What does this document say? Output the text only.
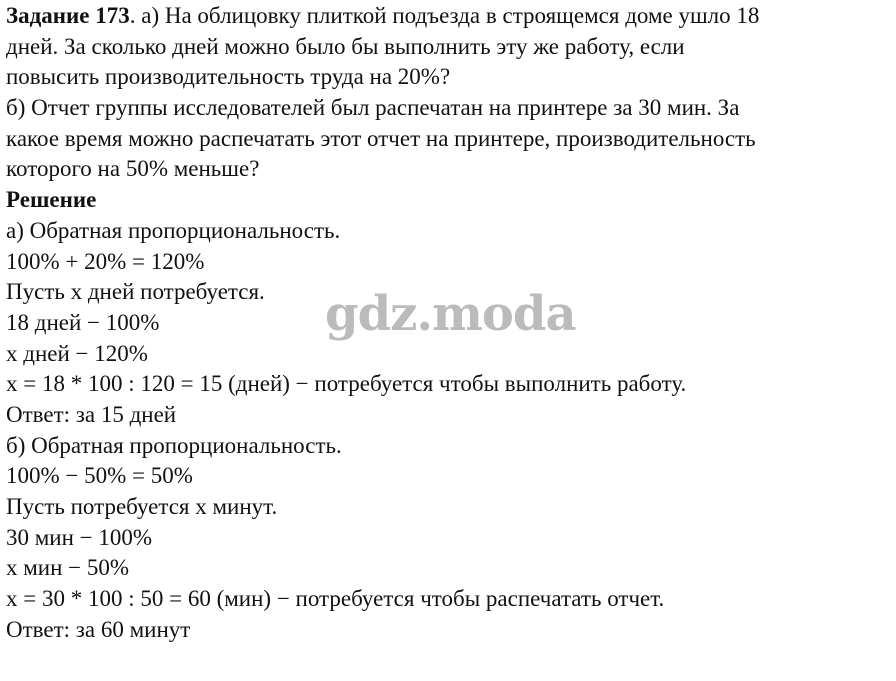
Задание 173. а) На облицовку плиткой подъезда в строящемся доме ушло 18
дней. За сколько дней можно было бы выполнить эту же работу, если
повысить производительность труда на 20%?
б) Отчет группы исследователей был распечатан на принтере за 30 мин. За
какое время можно распечатать этот отчет на принтере, производительность
которого на 50% меньше?
Решение
а) Обратная пропорциональность.
100% + 20% = 120%
Пусть x дней потребуется.
18 дней − 100%
x дней − 120%
x = 18 * 100 : 120 = 15 (дней) − потребуется чтобы выполнить работу.
Ответ: за 15 дней
б) Обратная пропорциональность.
100% − 50% = 50%
Пусть потребуется x минут.
30 мин − 100%
x мин − 50%
x = 30 * 100 : 50 = 60 (мин) − потребуется чтобы распечатать отчет.
Ответ: за 60 минут
gdz.moda
